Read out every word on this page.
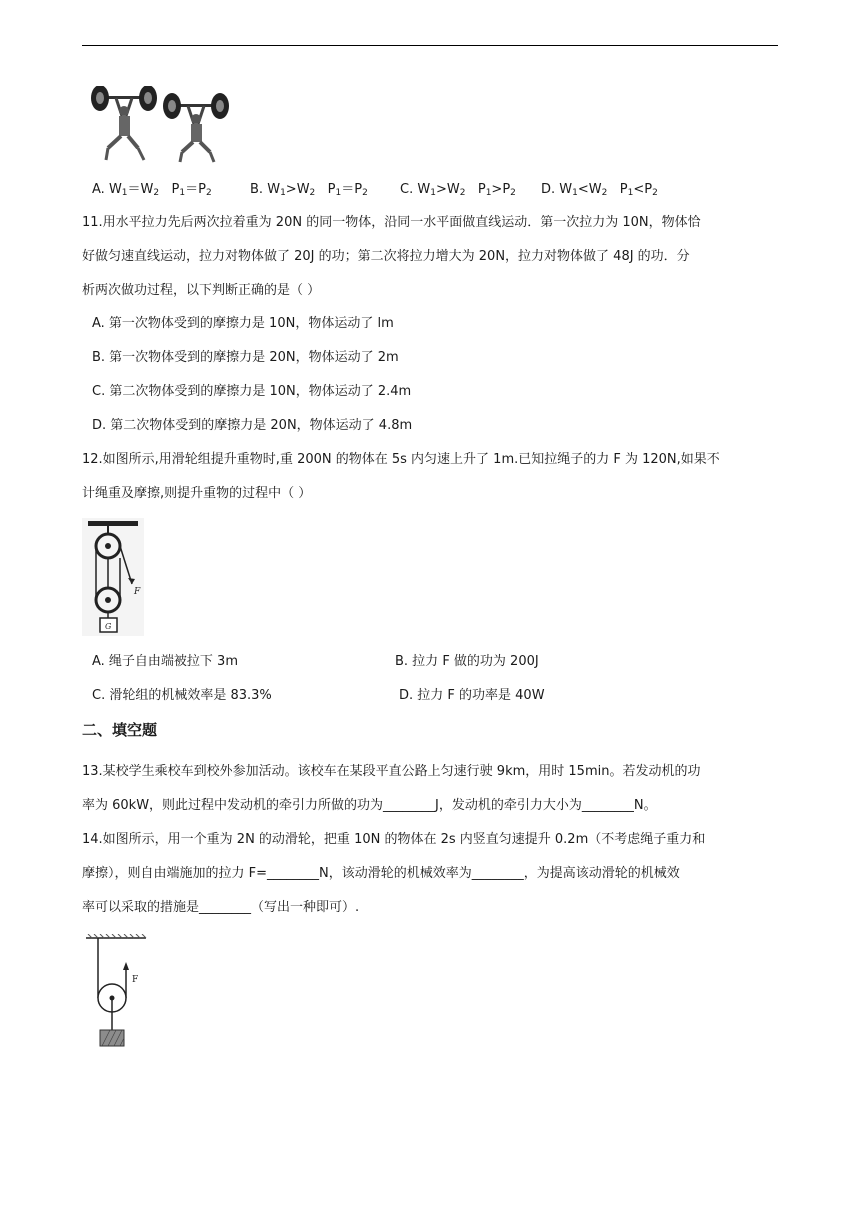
A. $W_1=W_2$   $P_1=P_2$	B. $W_1>W_2$   $P_1=P_2$ C. $W_1>W_2$   $P_1>P_2$ D. $W_1<W_2$   $P_1<P_2$
11.用水平拉力先后两次拉着重为 20N 的同一物体，沿同一水平面做直线运动．第一次拉力为 10N，物体恰
好做匀速直线运动，拉力对物体做了 20J 的功；第二次将拉力增大为 20N，拉力对物体做了 48J 的功．分
析两次做功过程，以下判断正确的是（ ）
A. 第一次物体受到的摩擦力是 10N，物体运动了 lm
B. 第一次物体受到的摩擦力是 20N，物体运动了 2m
C. 第二次物体受到的摩擦力是 10N，物体运动了 2.4m
D. 第二次物体受到的摩擦力是 20N，物体运动了 4.8m
12.如图所示,用滑轮组提升重物时,重 200N 的物体在 5s 内匀速上升了 1m.已知拉绳子的力 F 为 120N,如果不
计绳重及摩擦,则提升重物的过程中（ ）
F
G
A. 绳子自由端被拉下 3m	B. 拉力 F 做的功为 200J
C. 滑轮组的机械效率是 83.3%	D. 拉力 F 的功率是 40W
二、填空题
13.某校学生乘校车到校外参加活动。该校车在某段平直公路上匀速行驶 9km，用时 15min。若发动机的功
率为 60kW，则此过程中发动机的牵引力所做的功为________J，发动机的牵引力大小为________N。
14.如图所示，用一个重为 2N 的动滑轮，把重 10N 的物体在 2s 内竖直匀速提升 0.2m（不考虑绳子重力和
摩擦），则自由端施加的拉力 F=________N，该动滑轮的机械效率为________，为提高该动滑轮的机械效
率可以采取的措施是________（写出一种即可）.
F
